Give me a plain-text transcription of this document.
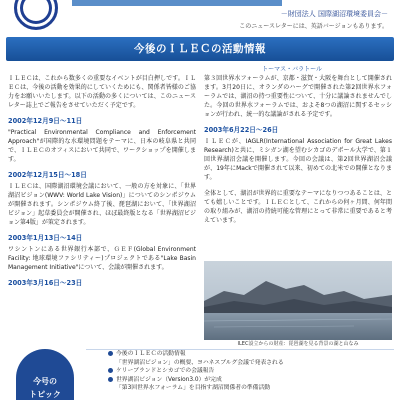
－財団法人 国際湖沼環境委員会－
このニュースレターには、英語バージョンもあります。
今後のＩＬＥＣの活動情報
トーマス・バラトール

ＩＬＥＣは、これから数多くの重要なイベントが目白押しです。ＩＬＥＣは、今後の活動を効果的にしていくためにも、関係者皆様のご協力をお願いいたします。以下の活動の多くについては、このニュースレター誌上でご報告をさせていただく予定です。

2002年12月9日～11日

"Practical Environmental Compliance and Enforcement Approach"が国際的な水環境問題をテーマに、日本の岐阜県と共同で、ＩＬＥＣのオフィスにおいて共同で、ワークショップを開催します。

2002年12月15日～18日

ＩＬＥＣは、国際湖沼環境会議において、一般の方を対象に、「世界湖沼ビジョン(WWV: World Lake Vision)」についてのシンポジウムが開催されます。シンポジウム終了後、琵琶湖において、「世界湖沼ビジョン」起草委員会が開催され、ほぼ最終版となる「世界湖沼ビジョン第4版」が策定されます。

2003年1月13日～14日

ワシントンにある世界銀行本部で、ＧＥＦ(Global Environment Facility: 地球環境ファシリティー)プロジェクトである"Lake Basin Management Initiative"について、会議が開催されます。

2003年3月16日～23日

第３回世界水フォーラムが、京都・滋賀・大阪を舞台として開催されます。3月20日に、オランダのハーグで開催された第2回世界水フォーラムでは、湖沼の持つ重要性について、十分に議論されませんでした。今回の世界水フォーラムでは、およそ8つの湖沼に関するセッションが行われ、統一的な議論がされる予定です。

2003年6月22日～26日

ＩＬＥＣが、IAGLR(International Association for Great Lakes Research)と共に、ミシガン湖を望むシカゴのデポール大学で、第１回世界湖沼会議を開催します。今回の会議は、第2回世界湖沼会議が、19年にMackで開催されて以来、初めての北米での開催となります。

全体として、湖沼が世界的に重要なテーマになりつつあることは、とても嬉しいことです。ＩＬＥＣとして、これからの何ヶ月間、何年間の取り組みが、湖沼の持続可能な管理にとって非常に重要であると考えています。

ILEC設立からの財産：琵琶湖を見る背景の湖と山なみ
今号の
トピック
今後のＩＬＥＣの活動情報
「世界湖沼ビジョン」の概要、ヨハネスブルグ会議で発表される
ケリーブランドとシカゴでの会議報告
世界湖沼ビジョン（Version3.0）が完成
「第3回世界水フォーラム」を目指す湖沼関係者の準備活動
